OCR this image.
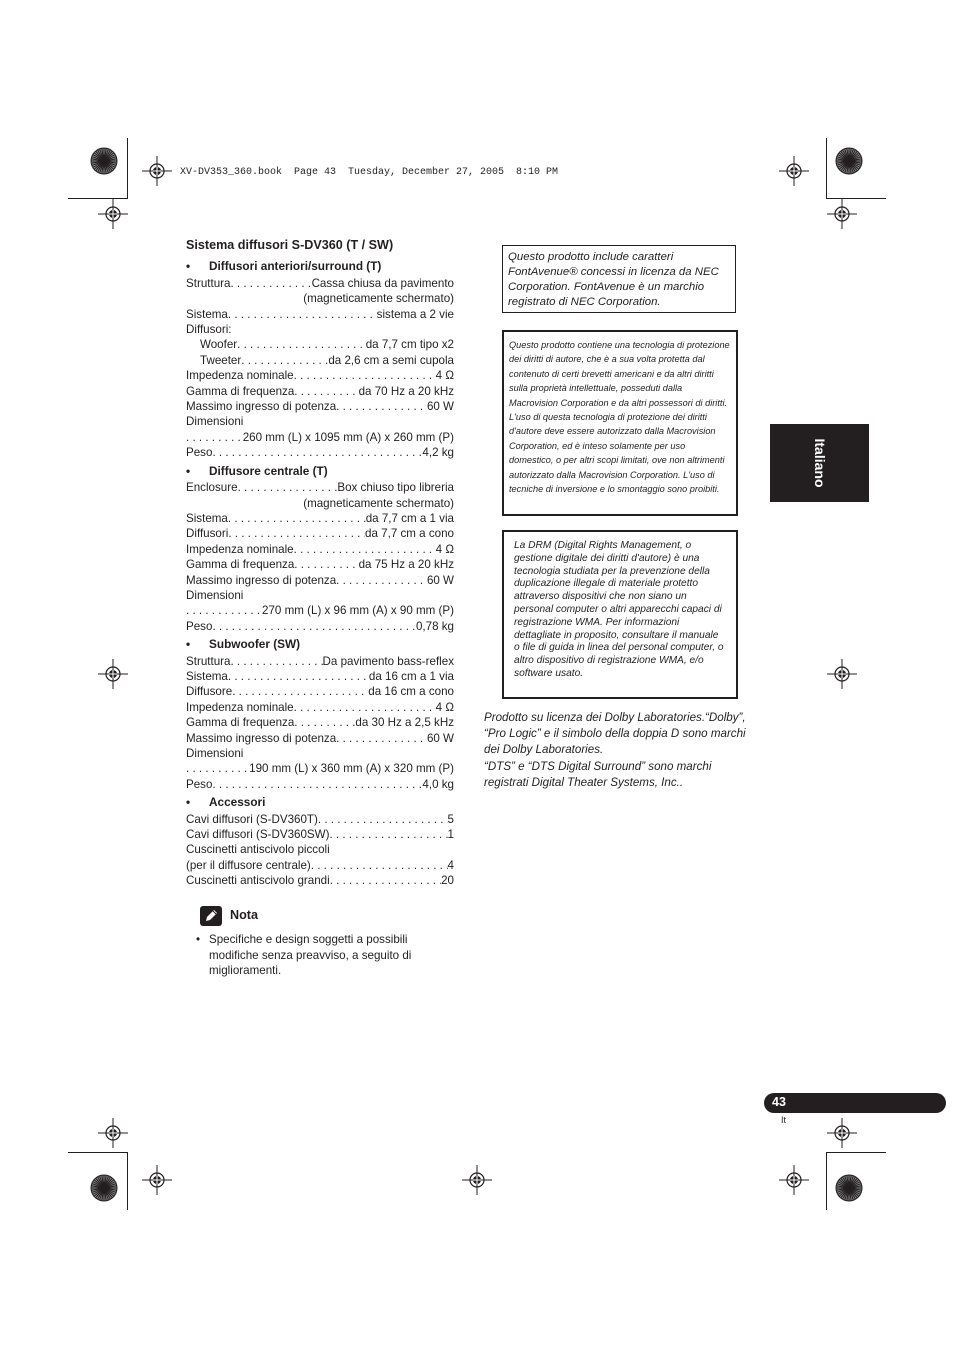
XV-DV353_360.book  Page 43  Tuesday, December 27, 2005  8:10 PM
Sistema diffusori S-DV360 (T / SW)
• Diffusori anteriori/surround (T)
Struttura . . .	Cassa chiusa da pavimento
(magneticamente schermato)
Sistema . . .	sistema a 2 vie
Diffusori:
Woofer . . .	da 7,7 cm tipo x2
Tweeter . . .	da 2,6 cm a semi cupola
Impedenza nominale . . .	4 Ω
Gamma di frequenza . . .	da 70 Hz a 20 kHz
Massimo ingresso di potenza . . .	60 W
Dimensioni
. . .
260 mm (L) x 1095 mm (A) x 260 mm (P)
Peso . . .	4,2 kg
• Diffusore centrale (T)
Enclosure . . .	Box chiuso tipo libreria
(magneticamente schermato)
Sistema . . .	da 7,7 cm a 1 via
Diffusori . . .	da 7,7 cm a cono
Impedenza nominale . . .	4 Ω
Gamma di frequenza . . .	da 75 Hz a 20 kHz
Massimo ingresso di potenza . . .	60 W
Dimensioni
. . .
270 mm (L) x 96 mm (A) x 90 mm (P)
Peso . . .	0,78 kg
• Subwoofer (SW)
Struttura . . .	Da pavimento bass-reflex
Sistema . . .	da 16 cm a 1 via
Diffusore . . .	da 16 cm a cono
Impedenza nominale . . .	4 Ω
Gamma di frequenza . . .	da 30 Hz a 2,5 kHz
Massimo ingresso di potenza . . .	60 W
Dimensioni
. . .
190 mm (L) x 360 mm (A) x 320 mm (P)
Peso . . .	4,0 kg
• Accessori
Cavi diffusori (S-DV360T) . . .	5
Cavi diffusori (S-DV360SW) . . .	1
Cuscinetti antiscivolo piccoli
(per il diffusore centrale) . . .	4
Cuscinetti antiscivolo grandi . . .	20
Nota
• Specifiche e design soggetti a possibili modifiche senza preavviso, a seguito di miglioramenti.
Questo prodotto include caratteri FontAvenue® concessi in licenza da NEC Corporation. FontAvenue è un marchio registrato di NEC Corporation.
Questo prodotto contiene una tecnologia di protezione dei diritti di autore, che è a sua volta protetta dal contenuto di certi brevetti americani e da altri diritti sulla proprietà intellettuale, posseduti dalla Macrovision Corporation e da altri possessori di diritti. L'uso di questa tecnologia di protezione dei diritti d'autore deve essere autorizzato dalla Macrovision Corporation, ed è inteso solamente per uso domestico, o per altri scopi limitati, ove non altrimenti autorizzato dalla Macrovision Corporation. L'uso di tecniche di inversione e lo smontaggio sono proibiti.
La DRM (Digital Rights Management, o gestione digitale dei diritti d'autore) è una tecnologia studiata per la prevenzione della duplicazione illegale di materiale protetto attraverso dispositivi che non siano un personal computer o altri apparecchi capaci di registrazione WMA. Per informazioni dettagliate in proposito, consultare il manuale o file di guida in linea del personal computer, o altro dispositivo di registrazione WMA, e/o software usato.
Prodotto su licenza dei Dolby Laboratories.“Dolby”, “Pro Logic” e il simbolo della doppia D sono marchi dei Dolby Laboratories.
“DTS” e “DTS Digital Surround” sono marchi registrati Digital Theater Systems, Inc..
Italiano
43
It
